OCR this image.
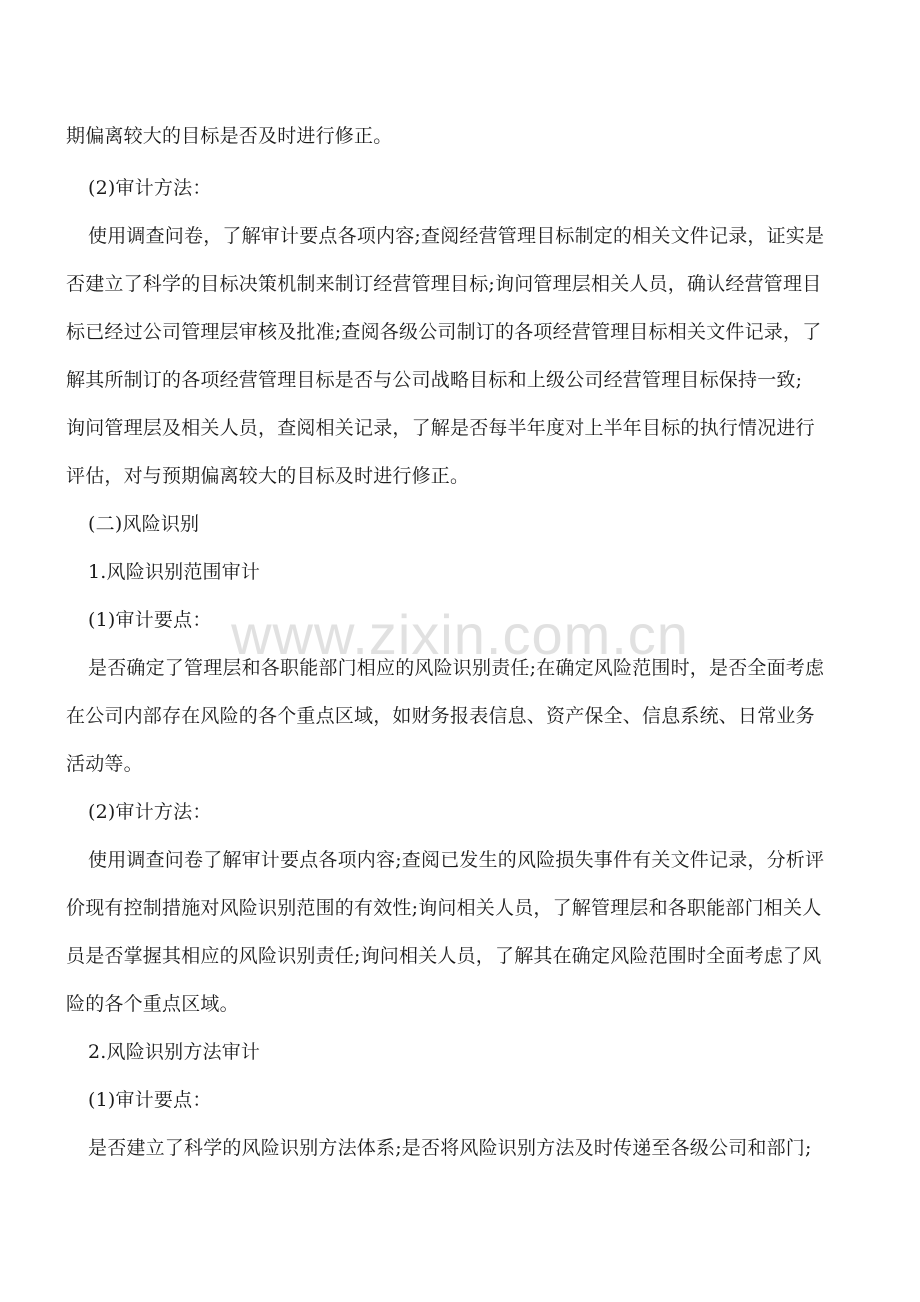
期偏离较大的目标是否及时进行修正。
(2)审计方法：
使用调查问卷，了解审计要点各项内容;查阅经营管理目标制定的相关文件记录，证实是
否建立了科学的目标决策机制来制订经营管理目标;询问管理层相关人员，确认经营管理目
标已经过公司管理层审核及批准;查阅各级公司制订的各项经营管理目标相关文件记录，了
解其所制订的各项经营管理目标是否与公司战略目标和上级公司经营管理目标保持一致;
询问管理层及相关人员，查阅相关记录，了解是否每半年度对上半年目标的执行情况进行
评估，对与预期偏离较大的目标及时进行修正。
(二)风险识别
1.风险识别范围审计
(1)审计要点：
是否确定了管理层和各职能部门相应的风险识别责任;在确定风险范围时，是否全面考虑
在公司内部存在风险的各个重点区域，如财务报表信息、资产保全、信息系统、日常业务
活动等。
(2)审计方法：
使用调查问卷了解审计要点各项内容;查阅已发生的风险损失事件有关文件记录，分析评
价现有控制措施对风险识别范围的有效性;询问相关人员，了解管理层和各职能部门相关人
员是否掌握其相应的风险识别责任;询问相关人员，了解其在确定风险范围时全面考虑了风
险的各个重点区域。
2.风险识别方法审计
(1)审计要点：
是否建立了科学的风险识别方法体系;是否将风险识别方法及时传递至各级公司和部门;
www.zixin.com.cn
